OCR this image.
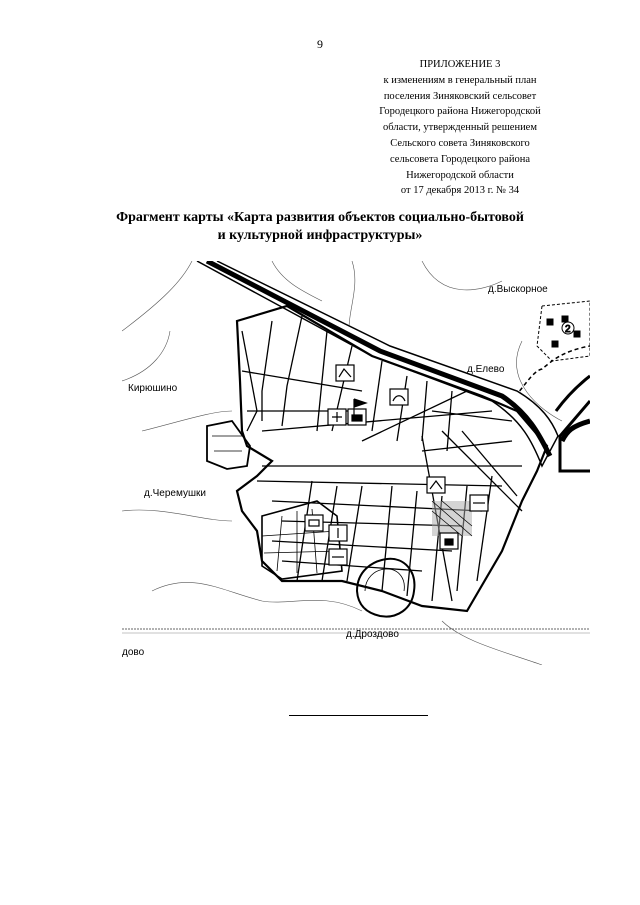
9
ПРИЛОЖЕНИЕ 3
к изменениям в генеральный план
поселения Зиняковский сельсовет
Городецкого района Нижегородской
области, утвержденный решением
Сельского совета Зиняковского
сельсовета Городецкого района
Нижегородской области
от 17 декабря 2013 г. № 34
Фрагмент карты «Карта развития объектов социально-бытовой
и культурной инфраструктуры»
2
д.Выскорное
д.Елево
Кирюшино
д.Черемушки
д.Дроздово
дово
